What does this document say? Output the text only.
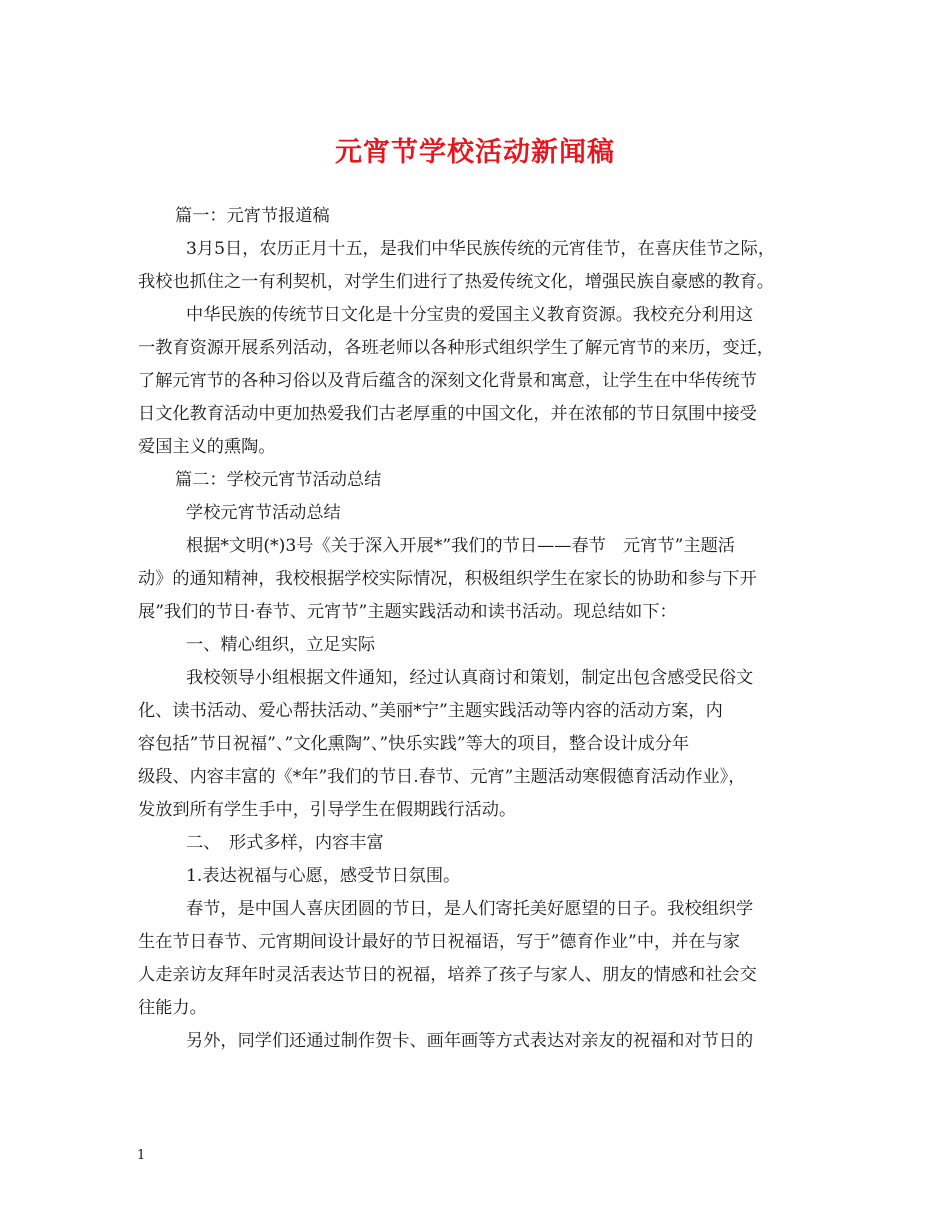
元宵节学校活动新闻稿
篇一：元宵节报道稿
3月5日，农历正月十五，是我们中华民族传统的元宵佳节，在喜庆佳节之际，
我校也抓住之一有利契机，对学生们进行了热爱传统文化，增强民族自豪感的教育。
中华民族的传统节日文化是十分宝贵的爱国主义教育资源。我校充分利用这
一教育资源开展系列活动，各班老师以各种形式组织学生了解元宵节的来历，变迁，
了解元宵节的各种习俗以及背后蕴含的深刻文化背景和寓意，让学生在中华传统节
日文化教育活动中更加热爱我们古老厚重的中国文化，并在浓郁的节日氛围中接受
爱国主义的熏陶。
篇二：学校元宵节活动总结
学校元宵节活动总结
根据*文明(*)3号《关于深入开展*”我们的节日——春节　元宵节”主题活
动》的通知精神，我校根据学校实际情况，积极组织学生在家长的协助和参与下开
展”我们的节日·春节、元宵节”主题实践活动和读书活动。现总结如下：
一、精心组织，立足实际
我校领导小组根据文件通知，经过认真商讨和策划，制定出包含感受民俗文
化、读书活动、爱心帮扶活动、”美丽*宁”主题实践活动等内容的活动方案，内
容包括”节日祝福”、”文化熏陶”、”快乐实践”等大的项目，整合设计成分年
级段、内容丰富的《*年”我们的节日.春节、元宵”主题活动寒假德育活动作业》，
发放到所有学生手中，引导学生在假期践行活动。
二、　形式多样，内容丰富
1.表达祝福与心愿，感受节日氛围。
春节，是中国人喜庆团圆的节日，是人们寄托美好愿望的日子。我校组织学
生在节日春节、元宵期间设计最好的节日祝福语，写于”德育作业”中，并在与家
人走亲访友拜年时灵活表达节日的祝福，培养了孩子与家人、朋友的情感和社会交
往能力。
另外，同学们还通过制作贺卡、画年画等方式表达对亲友的祝福和对节日的
1
